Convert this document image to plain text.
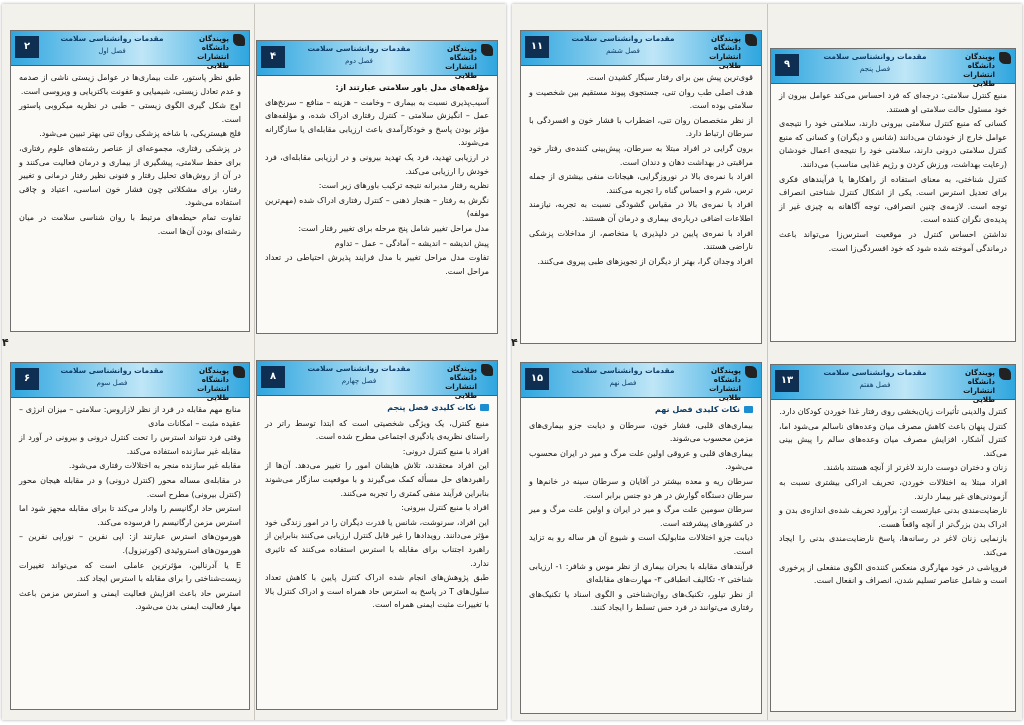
۴	۴
پویندگان دانشگاه
انتشارات طلایی
مقدمات روانشناسی سلامت
فصل اول
۲

طبق نظر پاستور، علت بیماری‌ها در عوامل زیستی ناشی از صدمه و عدم تعادل زیستی، شیمیایی و عفونت باکتریایی و ویروسی است.

اوج شکل گیری الگوی زیستی – طبی در نظریه میکروبی پاستور است.

فلج هیستریکی، با شاخه پزشکی روان تنی بهتر تبیین می‌شود.

در پزشکی رفتاری، مجموعه‌ای از عناصر رشته‌های علوم رفتاری، برای حفظ سلامتی، پیشگیری از بیماری و درمان فعالیت می‌کنند و در آن از روش‌های تحلیل رفتار و فنونی نظیر رفتار درمانی و تغییر رفتار، برای مشکلاتی چون فشار خون اساسی، اعتیاد و چاقی استفاده می‌شود.

تفاوت تمام حیطه‌های مرتبط با روان شناسی سلامت در میان رشته‌ای بودن آن‌ها است.

پویندگان دانشگاه
انتشارات طلایی
مقدمات روانشناسی سلامت
فصل دوم
۴

مؤلفه‌های مدل باور سلامتی عبارتند از:

آسیب‌پذیری نسبت به بیماری – وخامت – هزینه – منافع – سرنخ‌های عمل – انگیزش سلامتی – کنترل رفتاری ادراک شده، و مؤلفه‌های مؤثر بودن پاسخ و خودکارآمدی باعث ارزیابی مقابله‌ای یا سازگارانه می‌شوند.

در ارزیابی تهدید، فرد یک تهدید بیرونی و در ارزیابی مقابله‌ای، فرد خودش را ارزیابی می‌کند.

نظریه رفتار مدبرانه نتیجه ترکیب باورهای زیر است:

نگرش به رفتار – هنجار ذهنی – کنترل رفتاری ادراک شده (مهم‌ترین مولفه)

مدل مراحل تغییر شامل پنج مرحله برای تغییر رفتار است:

پیش اندیشه – اندیشه – آمادگی – عمل – تداوم

تفاوت مدل مراحل تغییر با مدل فرایند پذیرش احتیاطی در تعداد مراحل است.

پویندگان دانشگاه
انتشارات طلایی
مقدمات روانشناسی سلامت
فصل ششم
۱۱

قوی‌ترین پیش بین برای رفتار سیگار کشیدن است.

هدف اصلی طب روان تنی، جستجوی پیوند مستقیم بین شخصیت و سلامتی بوده است.

از نظر متخصصان روان تنی، اضطراب با فشار خون و افسردگی با سرطان ارتباط دارد.

برون گرایی در افراد مبتلا به سرطان، پیش‌بینی کننده‌ی رفتار خود مراقبتی در بهداشت دهان و دندان است.

افراد با نمره‌ی بالا در نوروزگرایی، هیجانات منفی بیشتری از جمله ترس، شرم و احساس گناه را تجربه می‌کنند.

افراد با نمره‌ی بالا در مقیاس گشودگی نسبت به تجربه، نیازمند اطلاعات اضافی درباره‌ی بیماری و درمان آن هستند.

افراد با نمره‌ی پایین در دلپذیری یا متخاصم، از مداخلات پزشکی ناراضی هستند.

افراد وجدان گرا، بهتر از دیگران از تجویزهای طبی پیروی می‌کنند.

پویندگان دانشگاه
انتشارات طلایی
مقدمات روانشناسی سلامت
فصل پنجم
۹

منبع کنترل سلامتی: درجه‌ای که فرد احساس می‌کند عوامل بیرون از خود مسئول حالت سلامتی او هستند.

کسانی که منبع کنترل سلامتی بیرونی دارند، سلامتی خود را نتیجه‌ی عوامل خارج از خودشان می‌دانند (شانس و دیگران) و کسانی که منبع کنترل سلامتی درونی دارند، سلامتی خود را نتیجه‌ی اعمال خودشان (رعایت بهداشت، ورزش کردن و رژیم غذایی مناسب) می‌دانند.

کنترل شناختی، به معنای استفاده از راهکارها یا فرآیندهای فکری برای تعدیل استرس است. یکی از اشکال کنترل شناختی انصراف توجه است. لازمه‌ی چنین انصرافی، توجه آگاهانه به چیزی غیر از پدیده‌ی نگران کننده است.

نداشتن احساس کنترل در موقعیت استرس‌زا می‌تواند باعث درماندگی آموخته شده شود که خود افسردگی‌زا است.

پویندگان دانشگاه
انتشارات طلایی
مقدمات روانشناسی سلامت
فصل سوم
۶

منابع مهم مقابله در فرد از نظر لازاروس: سلامتی – میزان انرژی – عقیده مثبت – امکانات مادی

وقتی فرد نتواند استرس را تحت کنترل درونی و بیرونی در آورد از مقابله غیر سازنده استفاده می‌کند.

مقابله غیر سازنده منجر به اختلالات رفتاری می‌شود.

در مقابله‌ی مساله محور (کنترل درونی) و در مقابله هیجان محور (کنترل بیرونی) مطرح است.

استرس حاد ارگانیسم را وادار می‌کند تا برای مقابله مجهز شود اما استرس مزمن ارگانیسم را فرسوده می‌کند.

هورمون‌های استرس عبارتند از: اپی نفرین – نوراپی نفرین – هورمون‌های استروئیدی (کورتیزول).

E یا آدرنالین، مؤثرترین عاملی است که می‌تواند تغییرات زیست‌شناختی را برای مقابله با استرس ایجاد کند.

استرس حاد باعث افزایش فعالیت ایمنی و استرس مزمن باعث مهار فعالیت ایمنی بدن می‌شود.

پویندگان دانشگاه
انتشارات طلایی
مقدمات روانشناسی سلامت
فصل چهارم
۸
نکات کلیدی فصل پنجم

منبع کنترل، یک ویژگی شخصیتی است که ابتدا توسط راتر در راستای نظریه‌ی یادگیری اجتماعی مطرح شده است.

افراد با منبع کنترل درونی:

این افراد معتقدند، تلاش هایشان امور را تغییر می‌دهد. آن‌ها از راهبردهای حل مسأله کمک می‌گیرند و با موقعیت سازگار می‌شوند بنابراین فرآیند منفی کمتری را تجربه می‌کنند.

افراد با منبع کنترل بیرونی:

این افراد، سرنوشت، شانس یا قدرت دیگران را در امور زندگی خود مؤثر می‌دانند. رویدادها را غیر قابل کنترل ارزیابی می‌کنند بنابراین از راهبرد اجتناب برای مقابله با استرس استفاده می‌کنند که تاثیری ندارد.

طبق پژوهش‌های انجام شده ادراک کنترل پایین با کاهش تعداد سلول‌های T در پاسخ به استرس حاد همراه است و ادراک کنترل بالا با تغییرات مثبت ایمنی همراه است.

پویندگان دانشگاه
انتشارات طلایی
مقدمات روانشناسی سلامت
فصل نهم
۱۵
نکات کلیدی فصل نهم

بیماری‌های قلبی، فشار خون، سرطان و دیابت جزو بیماری‌های مزمن محسوب می‌شوند.

بیماری‌های قلبی و عروقی اولین علت مرگ و میر در ایران محسوب می‌شود.

سرطان ریه و معده بیشتر در آقایان و سرطان سینه در خانم‌ها و سرطان دستگاه گوارش در هر دو جنس برابر است.

سرطان سومین علت مرگ و میر در ایران و اولین علت مرگ و میر در کشورهای پیشرفته است.

دیابت جزو اختلالات متابولیک است و شیوع آن هر ساله رو به تزاید است.

فرآیندهای مقابله با بحران بیماری از نظر موس و شافر: ۱- ارزیابی شناختی ۲- تکالیف انطباقی ۳- مهارت‌های مقابله‌ای

از نظر تیلور، تکنیک‌های روان‌شناختی و الگوی اسناد یا تکنیک‌های رفتاری می‌توانند در فرد حس تسلط را ایجاد کنند.

پویندگان دانشگاه
انتشارات طلایی
مقدمات روانشناسی سلامت
فصل هفتم
۱۳

کنترل والدینی تأثیرات زیان‌بخشی روی رفتار غذا خوردن کودکان دارد.

کنترل پنهان باعث کاهش مصرف میان وعده‌های ناسالم می‌شود اما، کنترل آشکار، افزایش مصرف میان وعده‌های سالم را پیش بینی می‌کند.

زنان و دختران دوست دارند لاغرتر از آنچه هستند باشند.

افراد مبتلا به اختلالات خوردن، تحریف ادراکی بیشتری نسبت به آزمودنی‌های غیر بیمار دارند.

نارضایت‌مندی بدنی عبارتست از: برآورد تحریف شده‌ی اندازه‌ی بدن و ادراک بدن بزرگ‌تر از آنچه واقعاً هست.

بازنمایی زنان لاغر در رسانه‌ها، پاسخ نارضایت‌مندی بدنی را ایجاد می‌کند.

فروپاشی در خود مهارگری منعکس کننده‌ی الگوی منفعلی از پرخوری است و شامل عناصر تسلیم شدن، انصراف و انفعال است.
